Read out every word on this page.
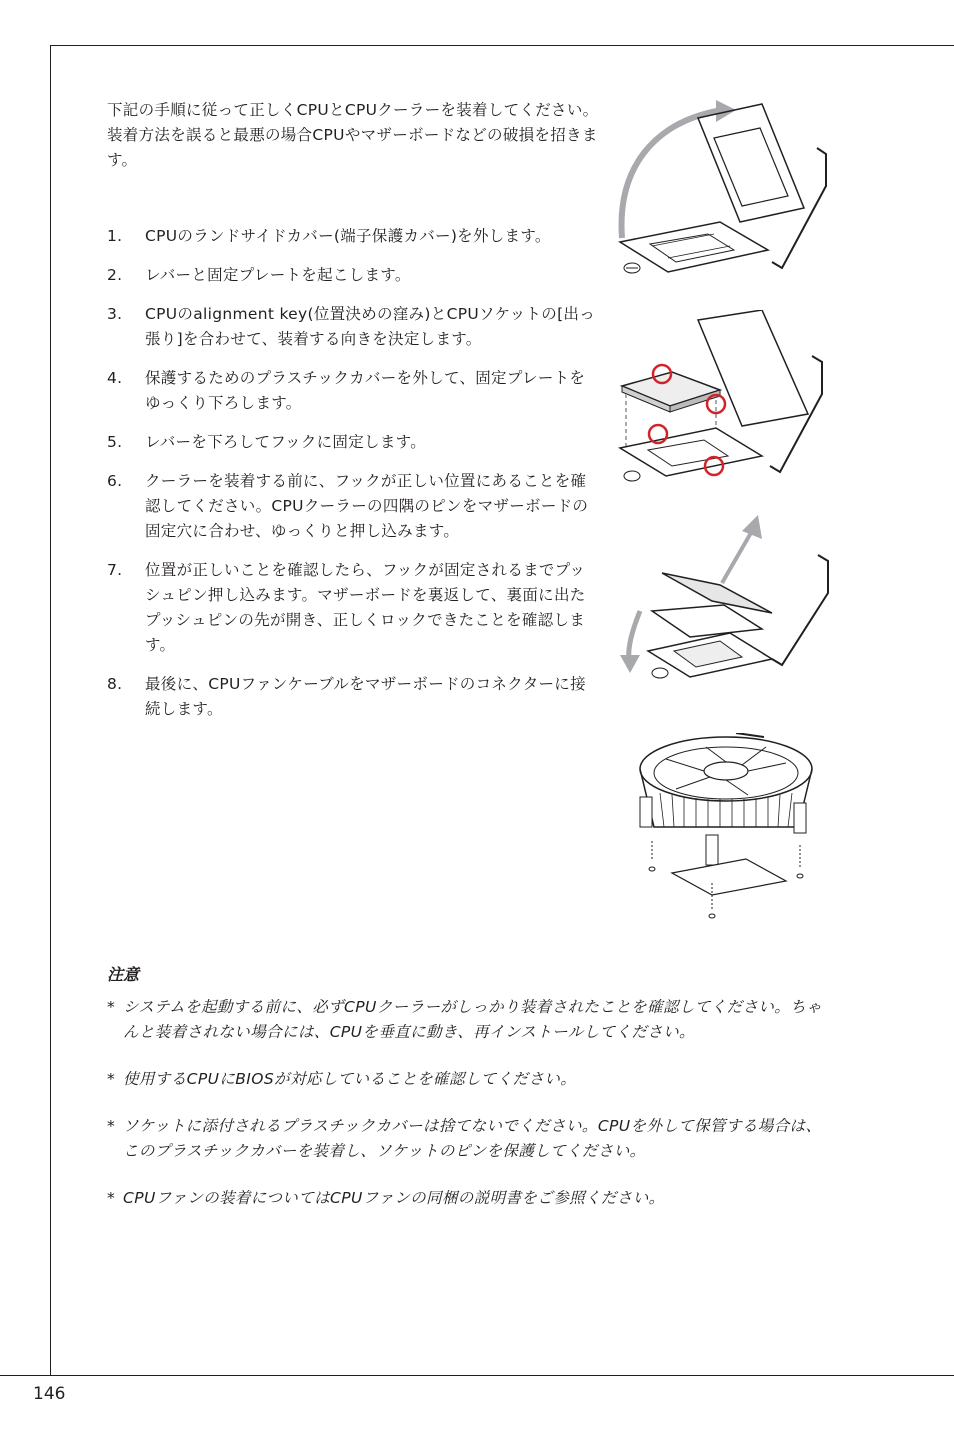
下記の手順に従って正しくCPUとCPUクーラーを装着してください。装着方法を誤ると最悪の場合CPUやマザーボードなどの破損を招きます。

1. CPUのランドサイドカバー(端子保護カバー)を外します。
2. レバーと固定プレートを起こします。
3. CPUのalignment key(位置決めの窪み)とCPUソケットの[出っ張り]を合わせて、装着する向きを決定します。
4. 保護するためのプラスチックカバーを外して、固定プレートをゆっくり下ろします。
5. レバーを下ろしてフックに固定します。
6. クーラーを装着する前に、フックが正しい位置にあることを確認してください。CPUクーラーの四隅のピンをマザーボードの固定穴に合わせ、ゆっくりと押し込みます。
7. 位置が正しいことを確認したら、フックが固定されるまでプッシュピン押し込みます。マザーボードを裏返して、裏面に出たプッシュピンの先が開き、正しくロックできたことを確認します。
8. 最後に、CPUファンケーブルをマザーボードのコネクターに接続します。
注意
* システムを起動する前に、必ずCPUクーラーがしっかり装着されたことを確認してください。ちゃんと装着されない場合には、CPUを垂直に動き、再インストールしてください。
* 使用するCPUにBIOSが対応していることを確認してください。
* ソケットに添付されるプラスチックカバーは捨てないでください。CPUを外して保管する場合は、このプラスチックカバーを装着し、ソケットのピンを保護してください。
* CPUファンの装着についてはCPUファンの同梱の説明書をご参照ください。
146
